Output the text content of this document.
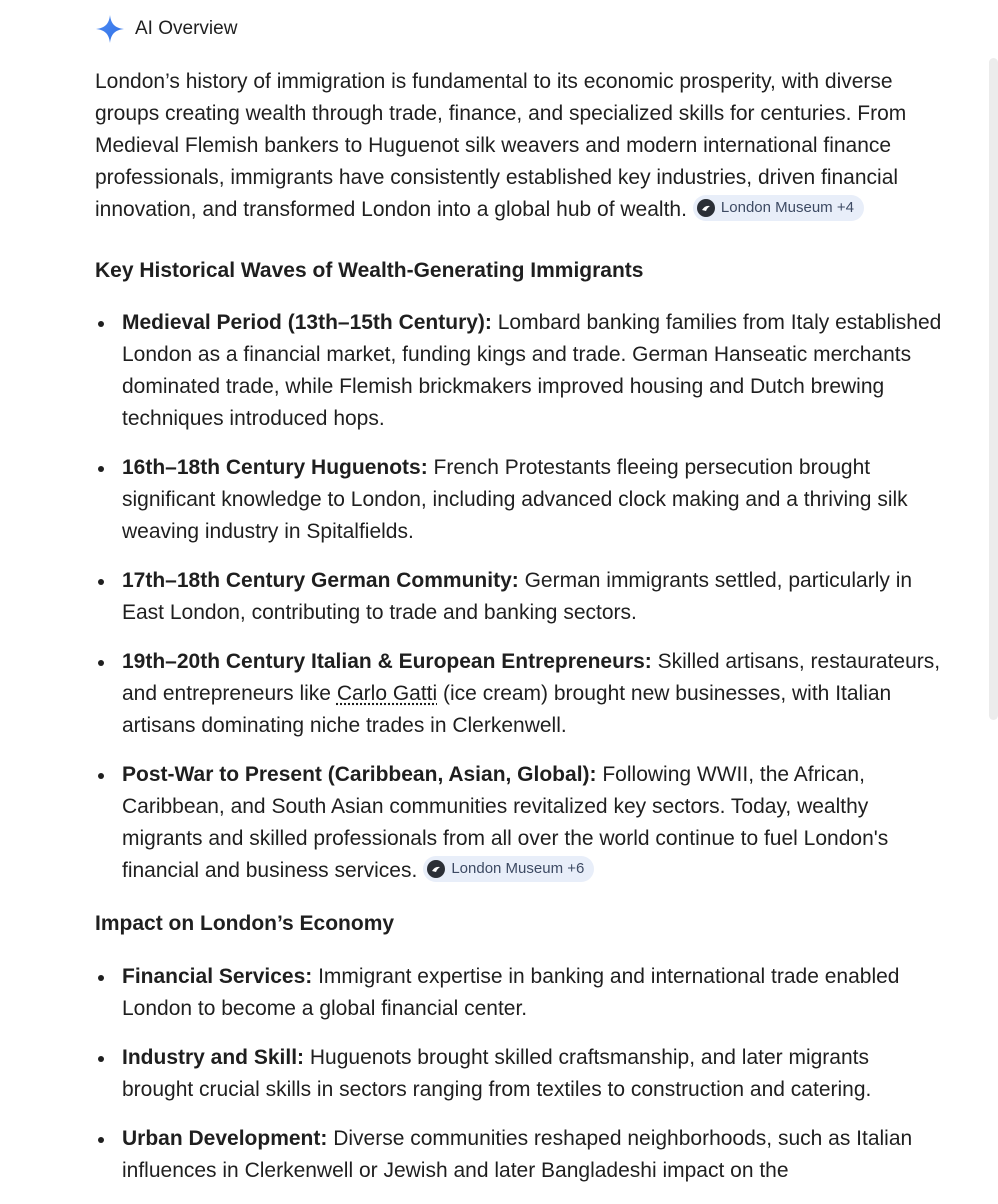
AI Overview

London’s history of immigration is fundamental to its economic prosperity, with diverse groups creating wealth through trade, finance, and specialized skills for centuries. From Medieval Flemish bankers to Huguenot silk weavers and modern international finance professionals, immigrants have consistently established key industries, driven financial innovation, and transformed London into a global hub of wealth. London Museum +4

Key Historical Waves of Wealth-Generating Immigrants
Medieval Period (13th–15th Century): Lombard banking families from Italy established London as a financial market, funding kings and trade. German Hanseatic merchants dominated trade, while Flemish brickmakers improved housing and Dutch brewing techniques introduced hops.
16th–18th Century Huguenots: French Protestants fleeing persecution brought significant knowledge to London, including advanced clock making and a thriving silk weaving industry in Spitalfields.
17th–18th Century German Community: German immigrants settled, particularly in East London, contributing to trade and banking sectors.
19th–20th Century Italian & European Entrepreneurs: Skilled artisans, restaurateurs, and entrepreneurs like Carlo Gatti (ice cream) brought new businesses, with Italian artisans dominating niche trades in Clerkenwell.
Post-War to Present (Caribbean, Asian, Global): Following WWII, the African, Caribbean, and South Asian communities revitalized key sectors. Today, wealthy migrants and skilled professionals from all over the world continue to fuel London's financial and business services. London Museum +6
Impact on London’s Economy
Financial Services: Immigrant expertise in banking and international trade enabled London to become a global financial center.
Industry and Skill: Huguenots brought skilled craftsmanship, and later migrants brought crucial skills in sectors ranging from textiles to construction and catering.
Urban Development: Diverse communities reshaped neighborhoods, such as Italian influences in Clerkenwell or Jewish and later Bangladeshi impact on the
